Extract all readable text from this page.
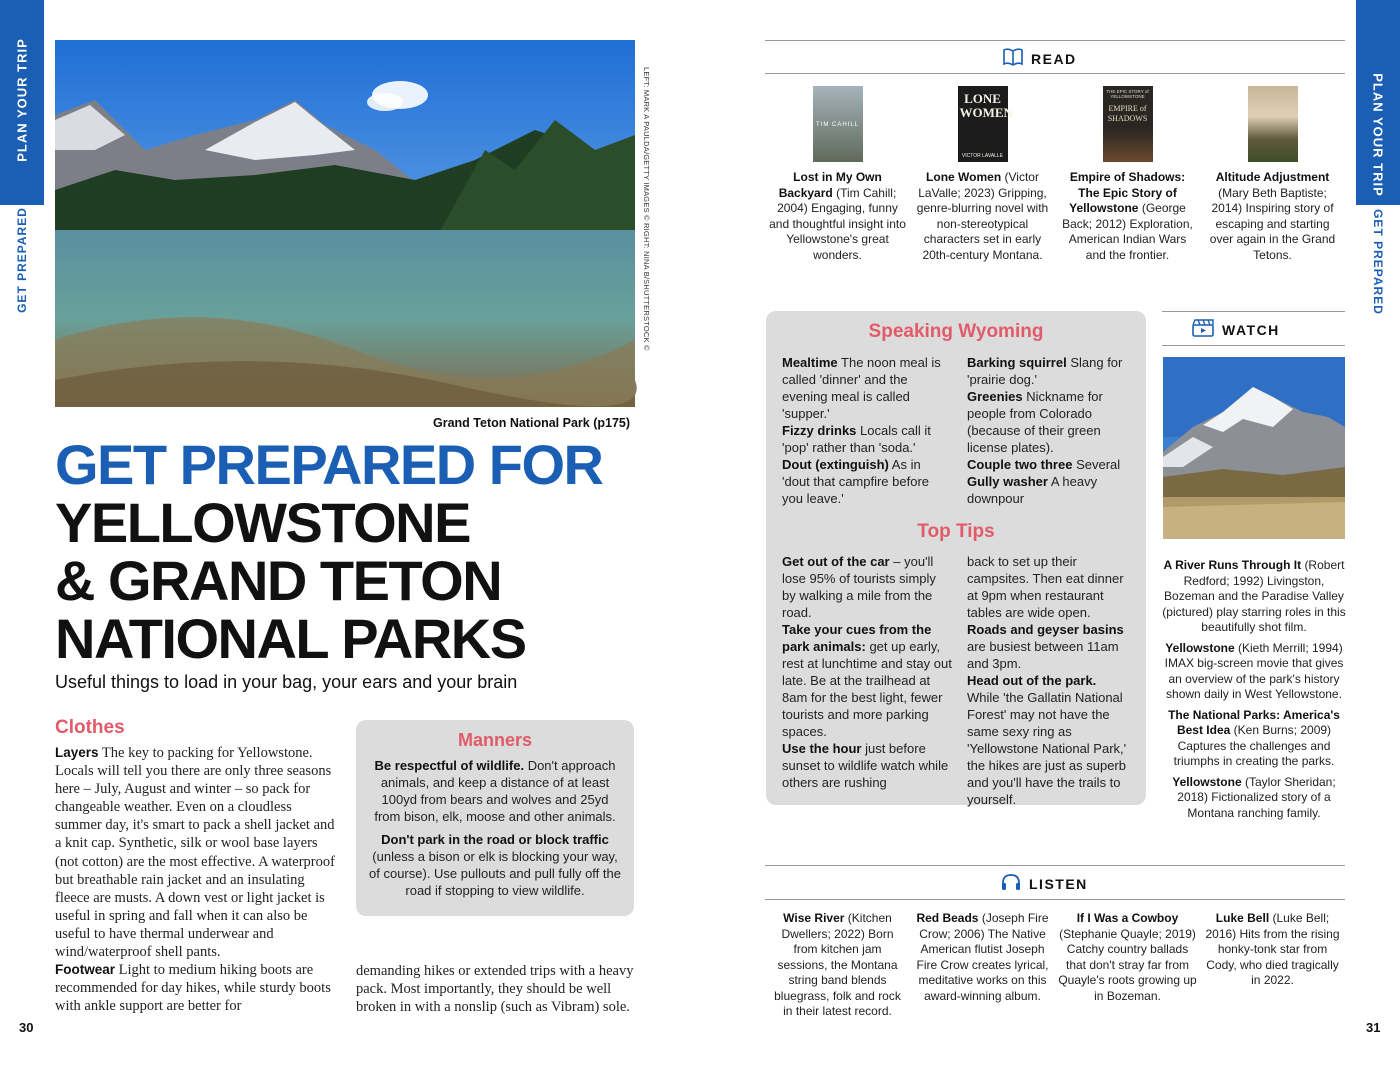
PLAN YOUR TRIP
GET PREPARED
PLAN YOUR TRIP
GET PREPARED
LEFT: MARK A PAULDA/GETTY IMAGES © RIGHT: NINA B/SHUTTERSTOCK ©
Grand Teton National Park (p175)
GET PREPARED FOR
YELLOWSTONE
& GRAND TETON
NATIONAL PARKS
Useful things to load in your bag, your ears and your brain
Clothes
Layers The key to packing for Yellowstone. Locals will tell you there are only three seasons here – July, August and winter – so pack for changeable weather. Even on a cloudless summer day, it's smart to pack a shell jacket and a knit cap. Synthetic, silk or wool base layers (not cotton) are the most effective. A waterproof but breathable rain jacket and an insulating fleece are musts. A down vest or light jacket is useful in spring and fall when it can also be useful to have thermal underwear and wind/waterproof shell pants.
Footwear Light to medium hiking boots are recommended for day hikes, while sturdy boots with ankle support are better for
demanding hikes or extended trips with a heavy pack. Most importantly, they should be well broken in with a nonslip (such as Vibram) sole.
Manners

Be respectful of wildlife. Don't approach animals, and keep a distance of at least 100yd from bears and wolves and 25yd from bison, elk, moose and other animals.

Don't park in the road or block traffic
(unless a bison or elk is blocking your way, of course). Use pullouts and pull fully off the road if stopping to view wildlife.

30	31
READ
TIM CAHILL

Lost in My Own Backyard (Tim Cahill; 2004) Engaging, funny and thoughtful insight into Yellowstone's great wonders.

LONE WOMEN
VICTOR LAVALLE

Lone Women (Victor LaValle; 2023) Gripping, genre-blurring novel with non-stereotypical characters set in early 20th-century Montana.

THE EPIC STORY of YELLOWSTONE
EMPIRE of SHADOWS

Empire of Shadows: The Epic Story of Yellowstone (George Back; 2012) Exploration, American Indian Wars and the frontier.

Altitude Adjustment (Mary Beth Baptiste; 2014) Inspiring story of escaping and starting over again in the Grand Tetons.

Speaking Wyoming
Mealtime The noon meal is called 'dinner' and the evening meal is called 'supper.'
Fizzy drinks Locals call it 'pop' rather than 'soda.'
Dout (extinguish) As in 'dout that campfire before you leave.'
Barking squirrel Slang for 'prairie dog.'
Greenies Nickname for people from Colorado (because of their green license plates).
Couple two three Several
Gully washer A heavy downpour
Top Tips
Get out of the car – you'll lose 95% of tourists simply by walking a mile from the road.
Take your cues from the park animals: get up early, rest at lunchtime and stay out late. Be at the trailhead at 8am for the best light, fewer tourists and more parking spaces.
Use the hour just before sunset to wildlife watch while others are rushing
back to set up their campsites. Then eat dinner at 9pm when restaurant tables are wide open.
Roads and geyser basins are busiest between 11am and 3pm.
Head out of the park. While 'the Gallatin National Forest' may not have the same sexy ring as 'Yellowstone National Park,' the hikes are just as superb and you'll have the trails to yourself.
WATCH

A River Runs Through It (Robert Redford; 1992) Livingston, Bozeman and the Paradise Valley (pictured) play starring roles in this beautifully shot film.

Yellowstone (Kieth Merrill; 1994) IMAX big-screen movie that gives an overview of the park's history shown daily in West Yellowstone.

The National Parks: America's Best Idea (Ken Burns; 2009) Captures the challenges and triumphs in creating the parks.

Yellowstone (Taylor Sheridan; 2018) Fictionalized story of a Montana ranching family.

LISTEN
Wise River (Kitchen Dwellers; 2022) Born from kitchen jam sessions, the Montana string band blends bluegrass, folk and rock in their latest record.
Red Beads (Joseph Fire Crow; 2006) The Native American flutist Joseph Fire Crow creates lyrical, meditative works on this award-winning album.
If I Was a Cowboy (Stephanie Quayle; 2019) Catchy country ballads that don't stray far from Quayle's roots growing up in Bozeman.
Luke Bell (Luke Bell; 2016) Hits from the rising honky-tonk star from Cody, who died tragically in 2022.
